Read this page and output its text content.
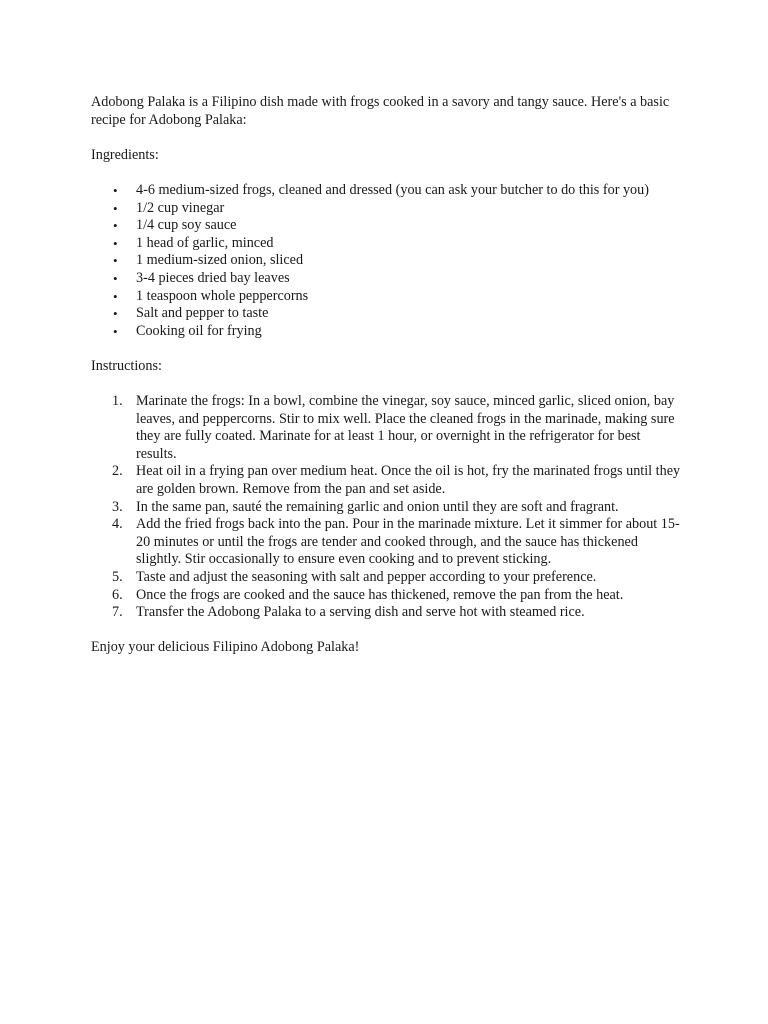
Adobong Palaka is a Filipino dish made with frogs cooked in a savory and tangy sauce. Here's a basic recipe for Adobong Palaka:

Ingredients:

• 4-6 medium-sized frogs, cleaned and dressed (you can ask your butcher to do this for you)
• 1/2 cup vinegar
• 1/4 cup soy sauce
• 1 head of garlic, minced
• 1 medium-sized onion, sliced
• 3-4 pieces dried bay leaves
• 1 teaspoon whole peppercorns
• Salt and pepper to taste
• Cooking oil for frying

Instructions:

1. Marinate the frogs: In a bowl, combine the vinegar, soy sauce, minced garlic, sliced onion, bay leaves, and peppercorns. Stir to mix well. Place the cleaned frogs in the marinade, making sure they are fully coated. Marinate for at least 1 hour, or overnight in the refrigerator for best results.
2. Heat oil in a frying pan over medium heat. Once the oil is hot, fry the marinated frogs until they are golden brown. Remove from the pan and set aside.
3. In the same pan, sauté the remaining garlic and onion until they are soft and fragrant.
4. Add the fried frogs back into the pan. Pour in the marinade mixture. Let it simmer for about 15-20 minutes or until the frogs are tender and cooked through, and the sauce has thickened slightly. Stir occasionally to ensure even cooking and to prevent sticking.
5. Taste and adjust the seasoning with salt and pepper according to your preference.
6. Once the frogs are cooked and the sauce has thickened, remove the pan from the heat.
7. Transfer the Adobong Palaka to a serving dish and serve hot with steamed rice.

Enjoy your delicious Filipino Adobong Palaka!
